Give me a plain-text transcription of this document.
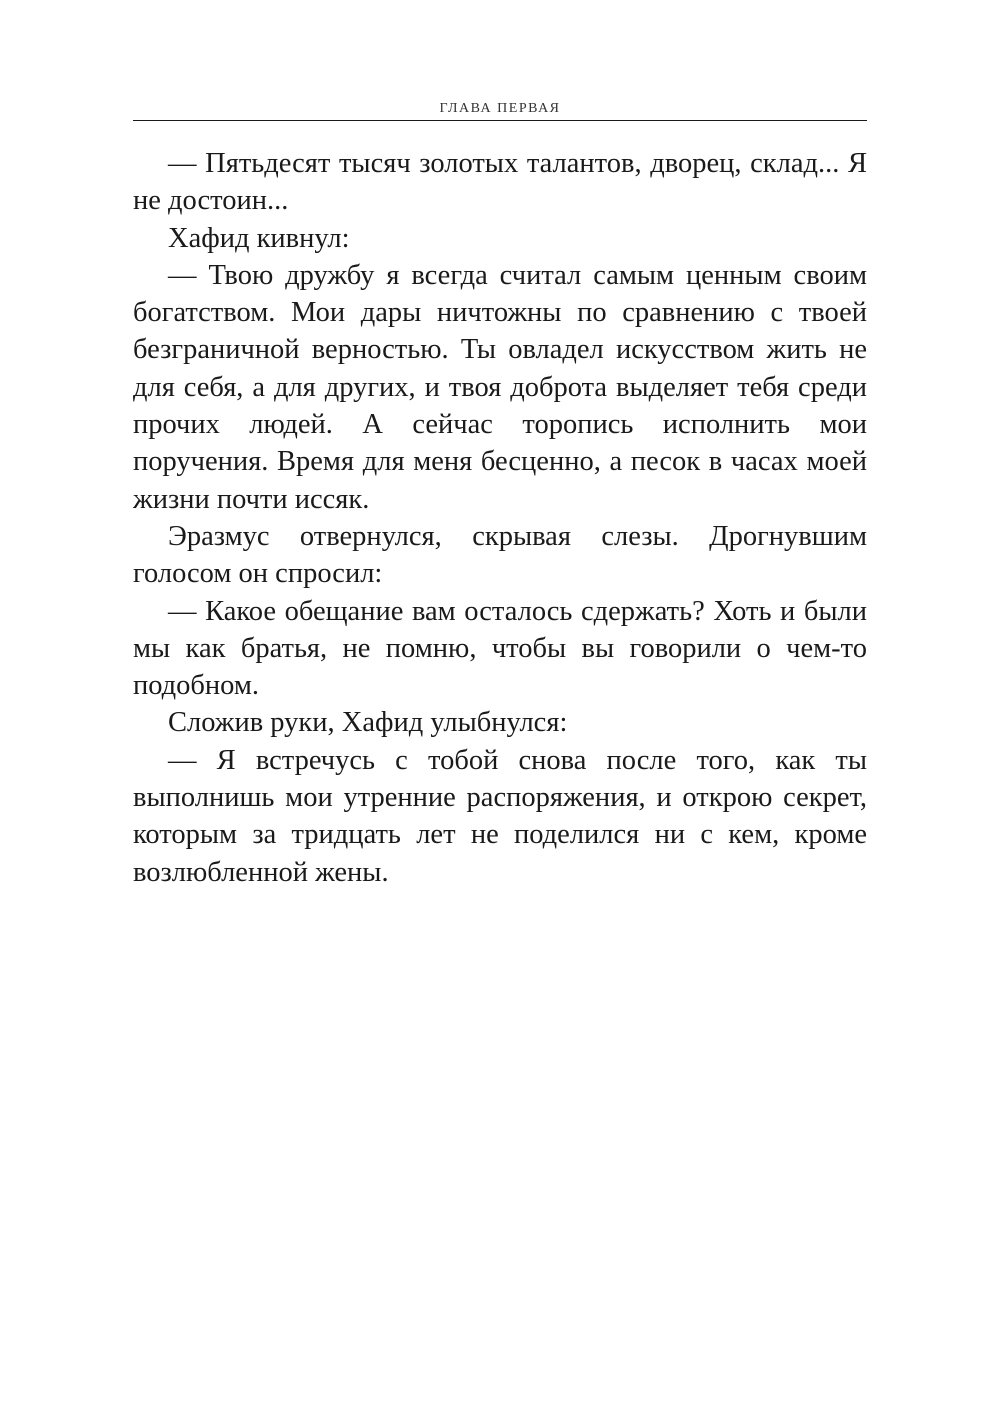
ГЛАВА ПЕРВАЯ

— Пятьдесят тысяч золотых талантов, дворец, склад... Я не достоин...

Хафид кивнул:

— Твою дружбу я всегда считал самым ценным своим богатством. Мои дары ничтожны по сравнению с твоей безграничной верностью. Ты овладел искусством жить не для себя, а для других, и твоя доброта выделяет тебя среди прочих людей. А сейчас торопись исполнить мои поручения. Время для меня бесценно, а песок в часах моей жизни почти иссяк.

Эразмус отвернулся, скрывая слезы. Дрогнувшим голосом он спросил:

— Какое обещание вам осталось сдержать? Хоть и были мы как братья, не помню, чтобы вы говорили о чем-то подобном.

Сложив руки, Хафид улыбнулся:

— Я встречусь с тобой снова после того, как ты выполнишь мои утренние распоряжения, и открою секрет, которым за тридцать лет не поделился ни с кем, кроме возлюбленной жены.
